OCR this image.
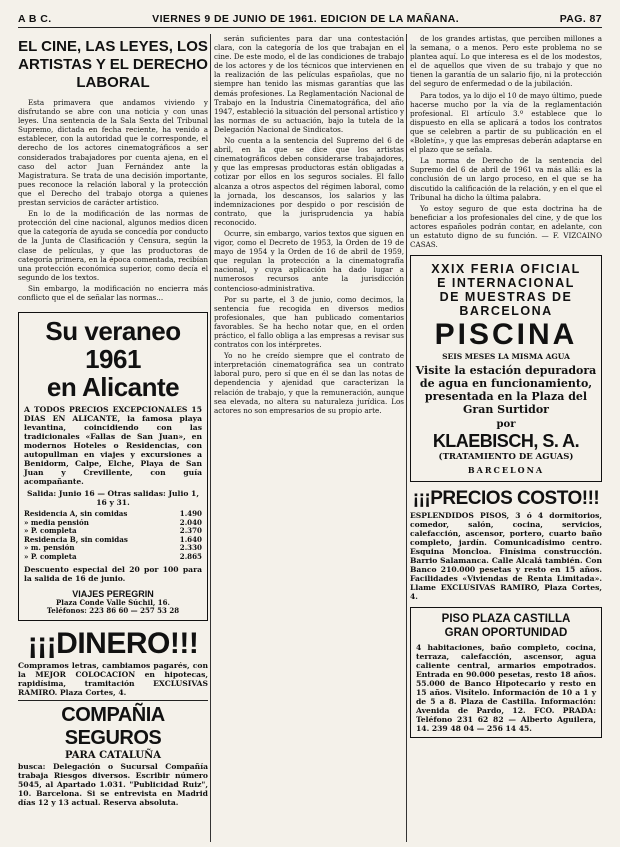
A B C.	VIERNES 9 DE JUNIO DE 1961. EDICION DE LA MAÑANA.	PAG. 87
EL CINE, LAS LEYES, LOS ARTISTAS Y EL DERECHO LABORAL

Esta primavera que andamos viviendo y disfrutando se abre con una noticia y con unas leyes. Una sentencia de la Sala Sexta del Tribunal Supremo, dictada en fecha reciente, ha venido a establecer, con la autoridad que le corresponde, el derecho de los actores cinematográficos a ser considerados trabajadores por cuenta ajena, en el caso del actor Juan Fernández ante la Magistratura. Se trata de una decisión importante, pues reconoce la relación laboral y la protección que el Derecho del trabajo otorga a quienes prestan servicios de carácter artístico.

En lo de la modificación de las normas de protección del cine nacional, algunos medios dicen que la categoría de ayuda se concedía por conducto de la Junta de Clasificación y Censura, según la clase de películas, y que las productoras de categoría primera, en la época comentada, recibían una protección económica superior, como decía el segundo de los textos.

Sin embargo, la modificación no encierra más conflicto que el de señalar las normas...

Su veraneo 1961
en Alicante
A TODOS PRECIOS EXCEPCIONALES 15 DIAS EN ALICANTE, la famosa playa levantina, coincidiendo con las tradicionales «Fallas de San Juan», en modernos Hoteles o Residencias, con autopullman en viajes y excursiones a Benidorm, Calpe, Elche, Playa de San Juan y Crevillente, con guía acompañante.
Salida: Junio 16 — Otras salidas: Julio 1, 16 y 31.
Residencia A, sin comidas	1.490
» media pensión	2.040
» P. completa	2.370
Residencia B, sin comidas	1.640
» m. pensión	2.330
» P. completa	2.865
Descuento especial del 20 por 100 para la salida de 16 de junio.
VIAJES PEREGRIN
Plaza Conde Valle Súchil, 16.
Teléfonos: 223 86 60 — 257 53 28
¡¡¡DINERO!!!
Compramos letras, cambiamos pagarés, con la MEJOR COLOCACION en hipotecas, rapidísima, tramitación EXCLUSIVAS RAMIRO. Plaza Cortes, 4.
COMPAÑIA SEGUROS
PARA CATALUÑA
busca: Delegación o Sucursal Compañía trabaja Riesgos diversos. Escribir número 5045, al Apartado 1.031. "Publicidad Ruiz", 10. Barcelona. Si se entrevista en Madrid días 12 y 13 actual. Reserva absoluta.

serán suficientes para dar una contestación clara, con la categoría de los que trabajan en el cine. De este modo, el de las condiciones de trabajo de los actores y de los técnicos que intervienen en la realización de las películas españolas, que no siempre han tenido las mismas garantías que las demás profesiones. La Reglamentación Nacional de Trabajo en la Industria Cinematográfica, del año 1947, estableció la situación del personal artístico y las normas de su actuación, bajo la tutela de la Delegación Nacional de Sindicatos.

No cuenta a la sentencia del Supremo del 6 de abril, en la que se dice que los artistas cinematográficos deben considerarse trabajadores, y que las empresas productoras están obligadas a cotizar por ellos en los seguros sociales. El fallo alcanza a otros aspectos del régimen laboral, como la jornada, los descansos, los salarios y las indemnizaciones por despido o por rescisión de contrato, que la jurisprudencia ya había reconocido.

Ocurre, sin embargo, varios textos que siguen en vigor, como el Decreto de 1953, la Orden de 19 de mayo de 1954 y la Orden de 16 de abril de 1959, que regulan la protección a la cinematografía nacional, y cuya aplicación ha dado lugar a numerosos recursos ante la jurisdicción contencioso-administrativa.

Por su parte, el 3 de junio, como decimos, la sentencia fue recogida en diversos medios profesionales, que han publicado comentarios favorables. Se ha hecho notar que, en el orden práctico, el fallo obliga a las empresas a revisar sus contratos con los intérpretes.

Yo no he creído siempre que el contrato de interpretación cinematográfica sea un contrato laboral puro, pero sí que en él se dan las notas de dependencia y ajenidad que caracterizan la relación de trabajo, y que la remuneración, aunque sea elevada, no altera su naturaleza jurídica. Los actores no son empresarios de su propio arte.

de los grandes artistas, que perciben millones a la semana, o a menos. Pero este problema no se plantea aquí. Lo que interesa es el de los modestos, el de aquellos que viven de su trabajo y que no tienen la garantía de un salario fijo, ni la protección del seguro de enfermedad o de la jubilación.

Para todos, ya lo dijo el 10 de mayo último, puede hacerse mucho por la vía de la reglamentación profesional. El artículo 3.º establece que lo dispuesto en ella se aplicará a todos los contratos que se celebren a partir de su publicación en el «Boletín», y que las empresas deberán adaptarse en el plazo que se señala.

La norma de Derecho de la sentencia del Supremo del 6 de abril de 1961 va más allá: es la conclusión de un largo proceso, en el que se ha discutido la calificación de la relación, y en el que el Tribunal ha dicho la última palabra.

Yo estoy seguro de que esta doctrina ha de beneficiar a los profesionales del cine, y de que los actores españoles podrán contar, en adelante, con un estatuto digno de su función. — F. VIZCAINO CASAS.

XXIX FERIA OFICIAL
E INTERNACIONAL
DE MUESTRAS DE
BARCELONA
PISCINA
SEIS MESES LA MISMA AGUA
Visite la estación depuradora de agua en funcionamiento, presentada en la Plaza del Gran Surtidor
por
KLAEBISCH, S. A.
(TRATAMIENTO DE AGUAS)
BARCELONA
¡¡¡PRECIOS COSTO!!!
ESPLENDIDOS PISOS, 3 ó 4 dormitorios, comedor, salón, cocina, servicios, calefacción, ascensor, portero, cuarto baño completo, jardín. Comunicadísimo centro. Esquina Moncloa. Finísima construcción. Barrio Salamanca. Calle Alcalá también. Con Banco 210.000 pesetas y resto en 15 años. Facilidades «Viviendas de Renta Limitada». Llame EXCLUSIVAS RAMIRO, Plaza Cortes, 4.
PISO PLAZA CASTILLA
GRAN OPORTUNIDAD
4 habitaciones, baño completo, cocina, terraza, calefacción, ascensor, agua caliente central, armarios empotrados. Entrada en 90.000 pesetas, resto 18 años. 55.000 de Banco Hipotecario y resto en 15 años. Visítelo. Información de 10 a 1 y de 5 a 8. Plaza de Castilla. Información: Avenida de Pardo, 12. FCO. PRADA: Teléfono 231 62 82 — Alberto Aguilera, 14. 239 48 04 — 256 14 45.
